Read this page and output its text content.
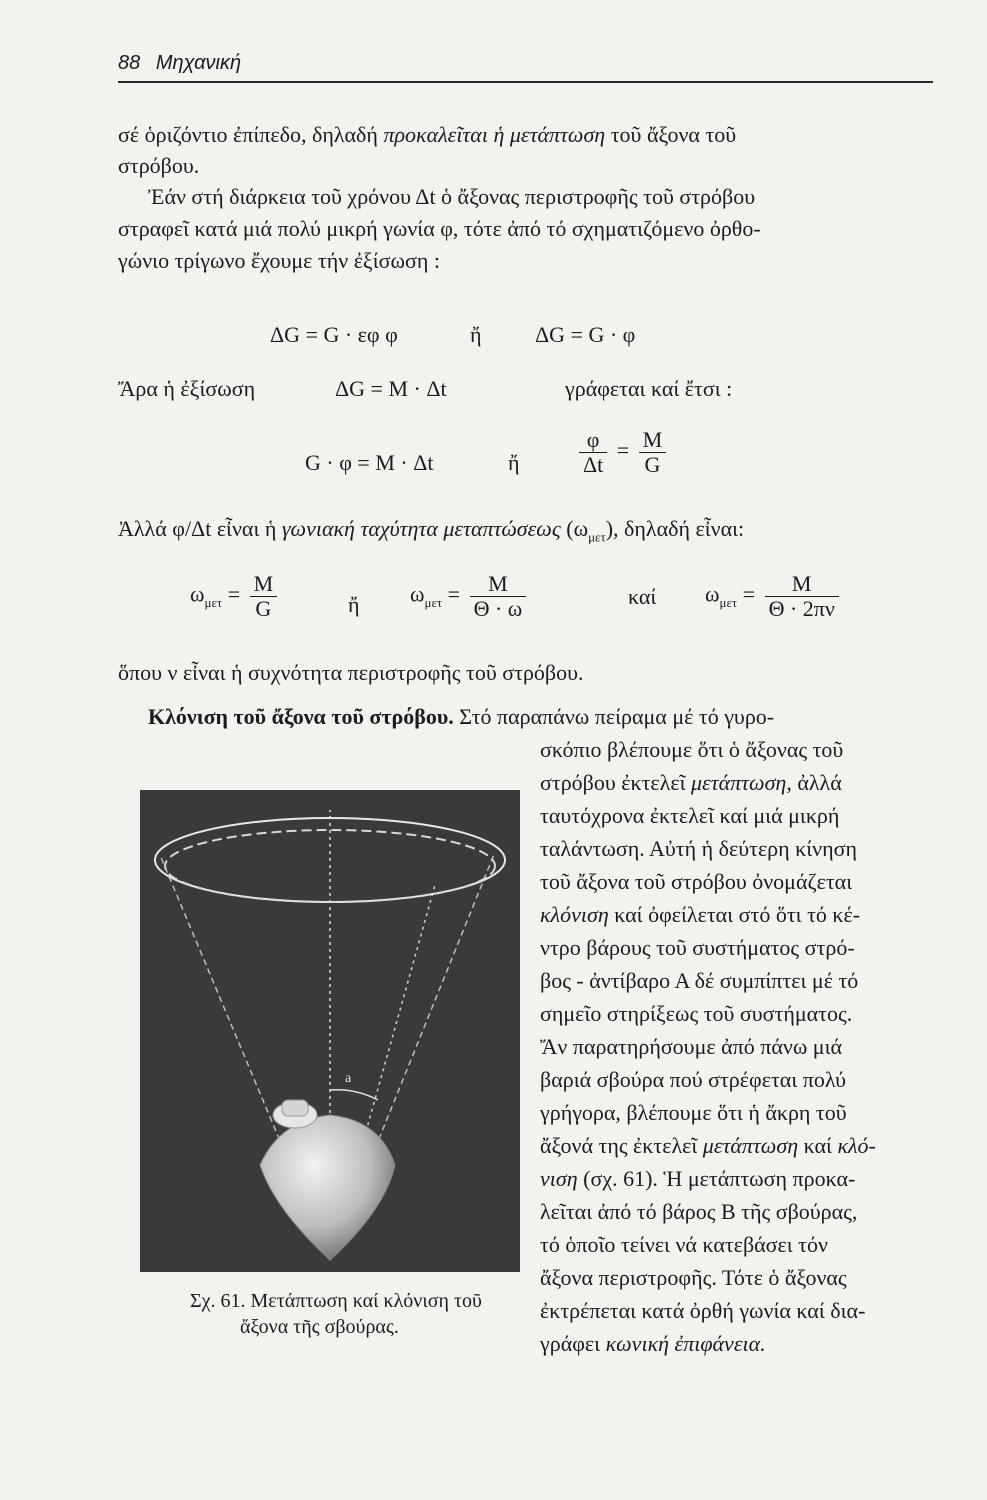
88 Μηχανική
σέ ὁριζόντιο ἐπίπεδο, δηλαδή προκαλεῖται ἡ μετάπτωση τοῦ ἄξονα τοῦ
στρόβου.
Ἐάν στή διάρκεια τοῦ χρόνου Δt ὁ ἄξονας περιστροφῆς τοῦ στρόβου
στραφεῖ κατά μιά πολύ μικρή γωνία φ, τότε ἀπό τό σχηματιζόμενο ὀρθο-
γώνιο τρίγωνο ἔχουμε τήν ἐξίσωση :
ΔG = G · εφ φ	ἤ ΔG = G · φ
Ἄρα ἡ ἐξίσωση	ΔG = M · Δt	γράφεται καί ἔτσι :
G · φ = M · Δt	ἤ	$\frac{\varphi}{\Delta t} = \frac{M}{G}$
Ἀλλά φ/Δt εἶναι ἡ γωνιακή ταχύτητα μεταπτώσεως $(\omega_{\mu\varepsilon\tau})$, δηλαδή εἶναι:
$\omega_{\mu\varepsilon\tau} = \frac{M}{G}$	ἤ $\omega_{\mu\varepsilon\tau} = \frac{M}{\Theta \cdot \omega}$	καί $\omega_{\mu\varepsilon\tau} = \frac{M}{\Theta \cdot 2\pi\nu}$
ὅπου ν εἶναι ἡ συχνότητα περιστροφῆς τοῦ στρόβου.
Κλόνιση τοῦ ἄξονα τοῦ στρόβου. Στό παραπάνω πείραμα μέ τό γυρο-
σκόπιο βλέπουμε ὅτι ὁ ἄξονας τοῦ
στρόβου ἐκτελεῖ μετάπτωση, ἀλλά
ταυτόχρονα ἐκτελεῖ καί μιά μικρή
ταλάντωση. Αὐτή ἡ δεύτερη κίνηση
τοῦ ἄξονα τοῦ στρόβου ὀνομάζεται
κλόνιση καί ὀφείλεται στό ὅτι τό κέ-
ντρο βάρους τοῦ συστήματος στρό-
βος - ἀντίβαρο Α δέ συμπίπτει μέ τό
σημεῖο στηρίξεως τοῦ συστήματος.
Ἄν παρατηρήσουμε ἀπό πάνω μιά
βαριά σβούρα πού στρέφεται πολύ
γρήγορα, βλέπουμε ὅτι ἡ ἄκρη τοῦ
ἄξονά της ἐκτελεῖ μετάπτωση καί κλό-
νιση (σχ. 61). Ἡ μετάπτωση προκα-
λεῖται ἀπό τό βάρος B τῆς σβούρας,
τό ὁποῖο τείνει νά κατεβάσει τόν
ἄξονα περιστροφῆς. Τότε ὁ ἄξονας
ἐκτρέπεται κατά ὀρθή γωνία καί δια-
γράφει κωνική ἐπιφάνεια.
a
Σχ. 61. Μετάπτωση καί κλόνιση τοῦ
ἄξονα τῆς σβούρας.
